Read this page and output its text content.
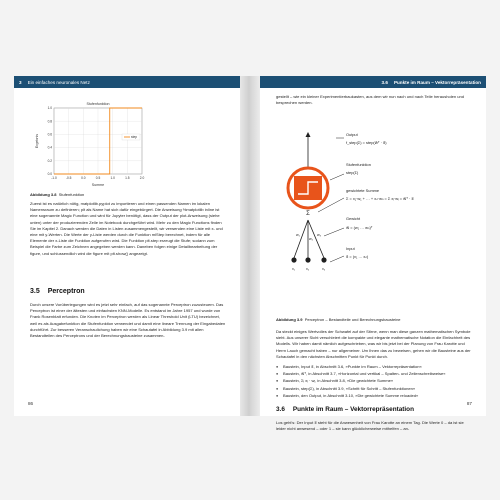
3 Ein einfaches neuronales Netz
Stufenfunktion
Ergebnis
Summe
-1.0	-0.5	0.0	0.5	1.0	1.5	2.0
0.0
0.2
0.4
0.6
0.8
1.0
step
Abbildung 3.8 Stufenfunktion

Zuerst ist es natürlich nötig, matplotlib.pyplot zu importieren und einen passenden Namen im lokalen Namensraum zu definieren; plt als Name hat sich dafür eingebürgert. Die Anweisung %matplotlib inline ist eine sogenannte Magic Function und wird für Jupyter benötigt, dass der Output der plot-Anweisung (siehe unten) unter der produzierenden Zelle im Notebook durchgeführt wird. Mehr zu den Magic Functions finden Sie im Kapitel 2. Danach werden die Daten in Listen zusammengestellt, wir verwenden eine Liste mit x- und eine mit y-Werten. Die Werte der y-Liste werden durch die Funktion mlStep berechnet, indem für alle Elemente der x-Liste die Funktion aufgerufen wird. Die Funktion plt.step erzeugt die Stufe; sodann zum Beispiel die Farbe zum Zeichnen angegeben werden kann. Daneben folgen einige Detailbearbeitung der figure, und schlussendlich wird die figure mit plt.show() angezeigt.

3.5 Perceptron

Durch unsere Vorüberlegungen wird es jetzt sehr einfach, auf das sogenannte Perceptron zuzusteuern. Das Perceptron ist einer der ältesten und einfachsten KNN-Modelle. Es entstand im Jahre 1957 und wurde von Frank Rosenblatt erfunden. Die Knoten im Perceptron werden als Linear Threshold Unit (LTU) bezeichnet, weil es als Ausgabefunktion die Stufenfunktion verwendet und damit eine lineare Trennung der Eingabedaten durchführt. Zur besseren Veranschaulichung haben wir eine Schautafel in Abbildung 3.9 mit allen Bestandteilen des Perceptrons und der Berechnungsbausteine zusammen-

86
3.6 Punkte im Raum – Vektorrepräsentation

gestellt – wie ein kleiner Experimentierbaukasten, aus dem wir nun nach und nach Teile herausholen und besprechen werden.

Σ
w₁
w₂
w₃
x₁	x₂	x₃
Output
f_step(Σ) = step(w⃗ᵀ · x⃗)
Stufenfunktion
step(Σ)
gewichtete Summe
Σ = x₁·w₁ + … + xₙ·wₙ = Σ xᵢ·wᵢ = w⃗ᵀ · x⃗
Gewicht
w⃗ = (w₁ … wₙ)ᵀ
Input
x⃗ = (x₁ … xₙ)
Abbildung 3.9 Perceptron – Bestandteile und Berechnungsbausteine

Da steckt einiges Wertvolles der Schwafel auf der Stirne, wenn man diese ganzen mathematischen Symbole sieht. Aus unserer Sicht verschleiert die kompakte und elegante mathematische Notation die Einfachheit des Modells. Wir haben damit nämlich aufgeschrieben, was wir bis jetzt bei der Planung von Frau Karotte und Herrn Lauch gemacht haben – nur allgemeiner. Um Ihnen das zu beweisen, gehen wir die Bausteine aus der Schautafel in den nächsten Abschnitten Punkt für Punkt durch.

● Baustein, Input x⃗, in Abschnitt 3.6, »Punkte im Raum – Vektorrepräsentation«
● Baustein, w⃗ᵀ, in Abschnitt 3.7, »Horizontal und vertikal – Spalten- und Zeilenschreibweise«
● Baustein, Σᵢ xᵢ · wᵢ, in Abschnitt 3.8, »Die gewichtete Summe«
● Baustein, step(Σ), in Abschnitt 3.9, »Schritt für Schritt – Stufenfunktionen«
● Baustein, den Output, in Abschnitt 3.10, »Die gewichtete Summe reloaded«
3.6 Punkte im Raum – Vektorrepräsentation

Los geht's: Der Input x⃗ steht für die Anwesenheit von Frau Karotte an einem Tag. Die Werte 0 – da ist sie leider nicht anwesend – oder 1 – sie kann glücklicherweise mithelfen – an-

87
